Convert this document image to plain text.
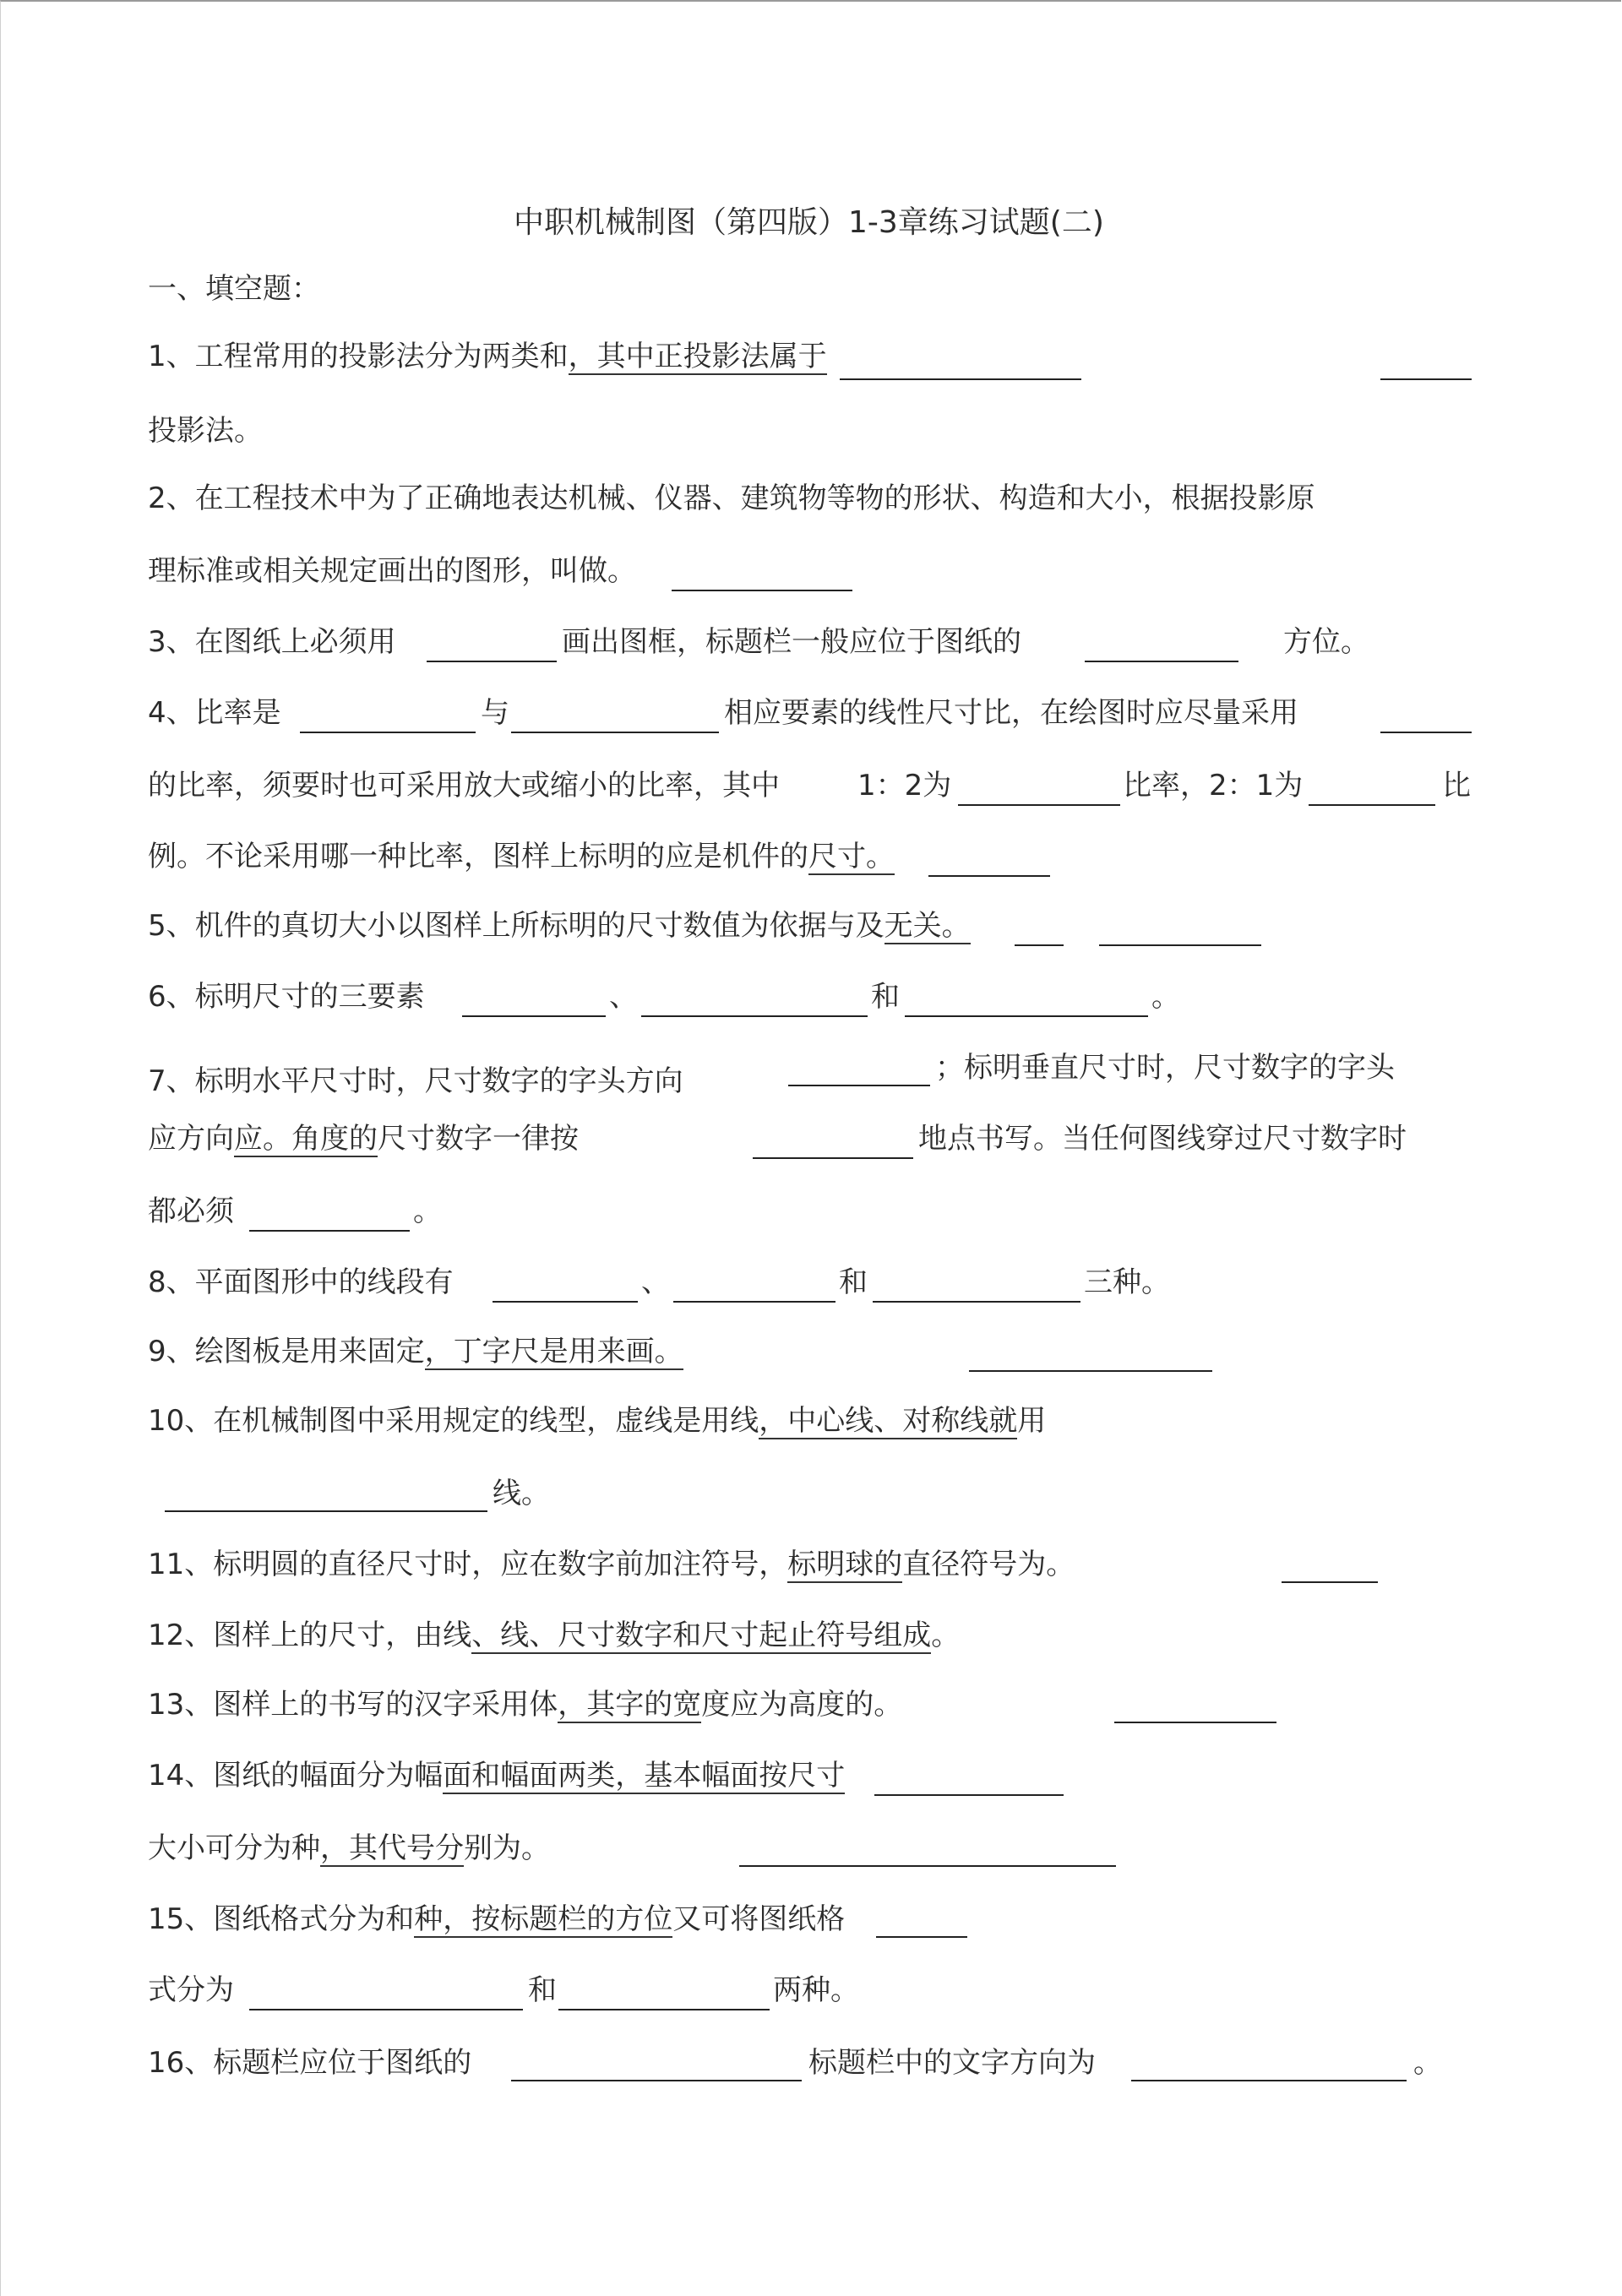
中职机械制图（第四版）1-3章练习试题(二)
一、填空题：
1、工程常用的投影法分为两类和，其中正投影法属于
投影法。
2、在工程技术中为了正确地表达机械、仪器、建筑物等物的形状、构造和大小，根据投影原
理标准或相关规定画出的图形，叫做。
3、在图纸上必须用	画出图框，标题栏一般应位于图纸的	方位。
4、比率是	与	相应要素的线性尺寸比，在绘图时应尽量采用
的比率，须要时也可采用放大或缩小的比率，其中	1：2为	比率，2：1为	比
例。不论采用哪一种比率，图样上标明的应是机件的尺寸。
5、机件的真切大小以图样上所标明的尺寸数值为依据与及无关。
6、标明尺寸的三要素	、	和	。
7、标明水平尺寸时，尺寸数字的字头方向	；标明垂直尺寸时，尺寸数字的字头
应方向应。角度的尺寸数字一律按	地点书写。当任何图线穿过尺寸数字时
都必须	。
8、平面图形中的线段有	、	和	三种。
9、绘图板是用来固定，丁字尺是用来画。
10、在机械制图中采用规定的线型，虚线是用线，中心线、对称线就用
线。
11、标明圆的直径尺寸时，应在数字前加注符号，标明球的直径符号为。
12、图样上的尺寸，由线、线、尺寸数字和尺寸起止符号组成。
13、图样上的书写的汉字采用体，其字的宽度应为高度的。
14、图纸的幅面分为幅面和幅面两类，基本幅面按尺寸
大小可分为种，其代号分别为。
15、图纸格式分为和种，按标题栏的方位又可将图纸格
式分为	和	两种。
16、标题栏应位于图纸的	标题栏中的文字方向为	。
